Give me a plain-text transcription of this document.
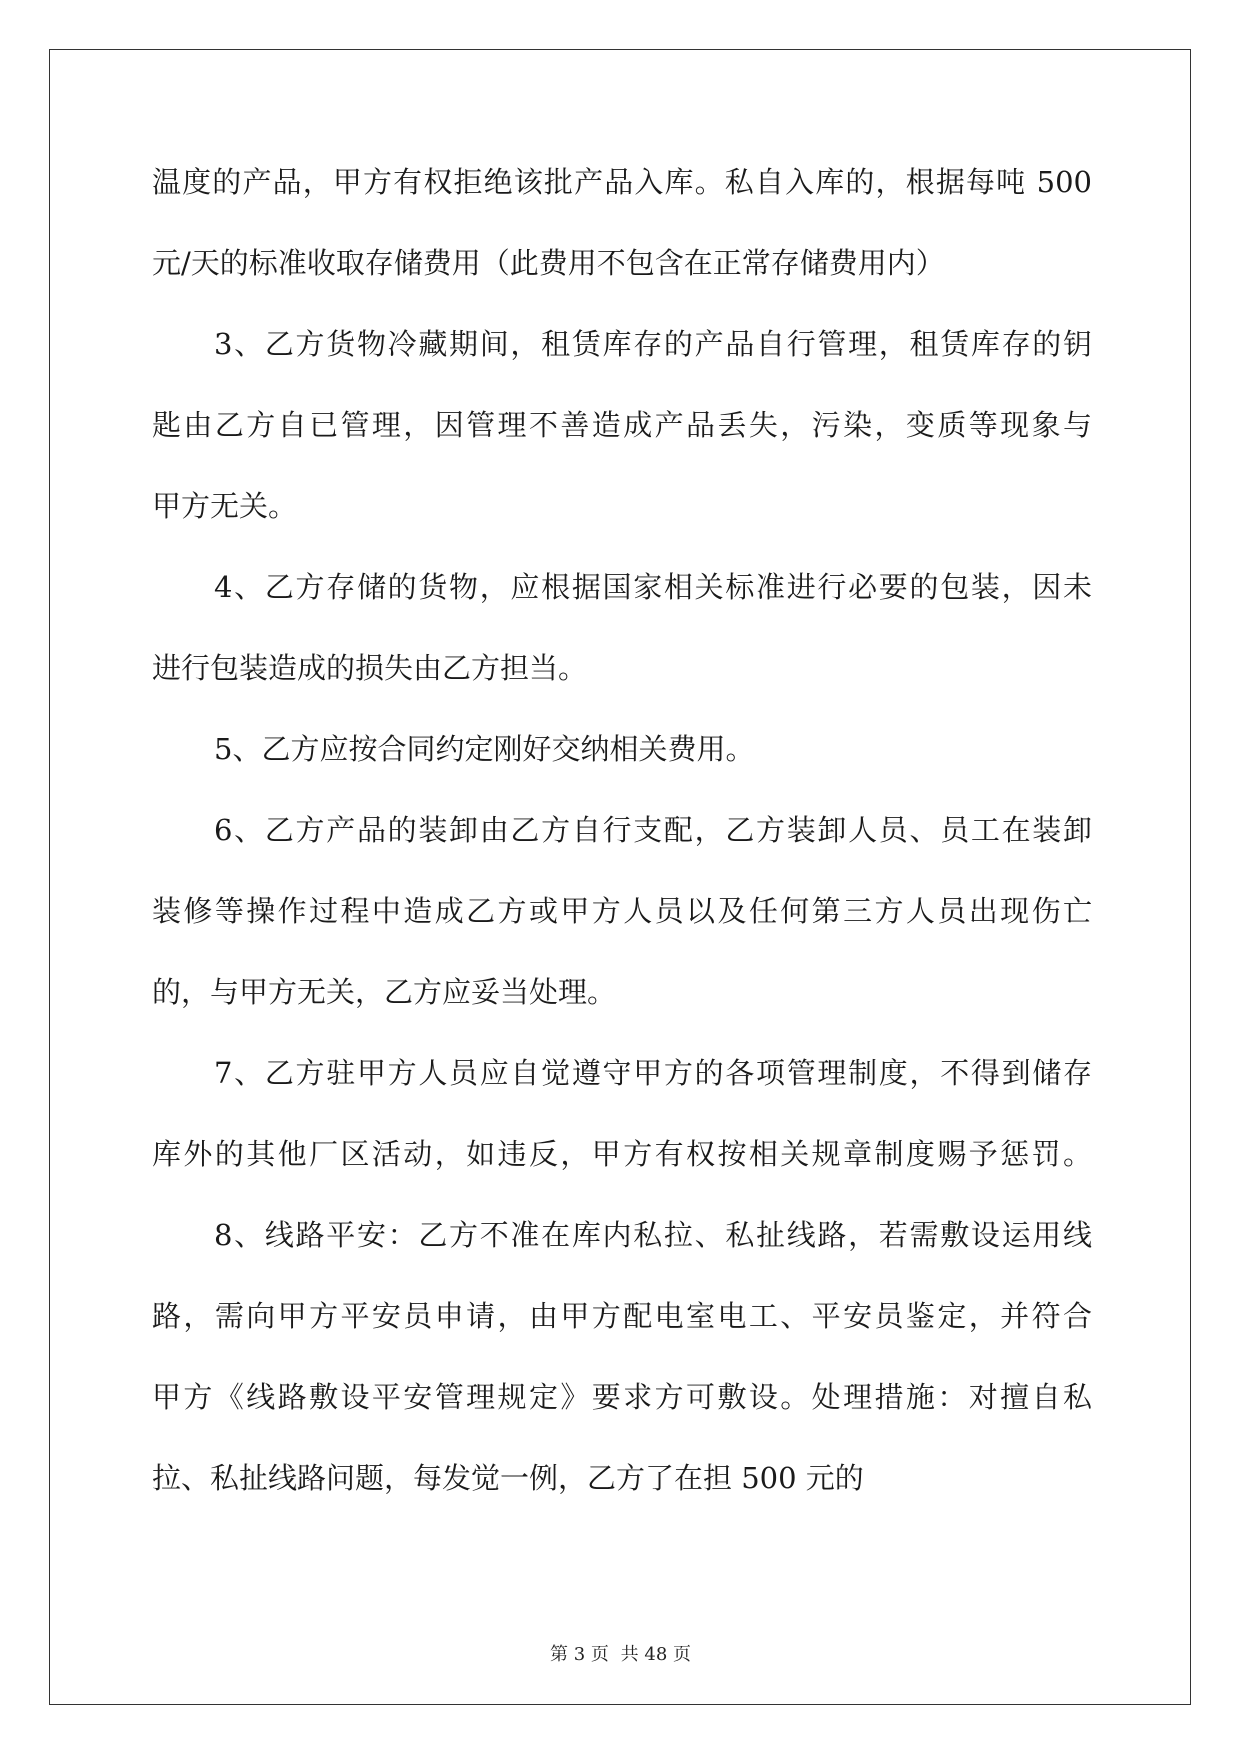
温度的产品，甲方有权拒绝该批产品入库。私自入库的，根据每吨 500
元/天的标准收取存储费用（此费用不包含在正常存储费用内）
3、乙方货物冷藏期间，租赁库存的产品自行管理，租赁库存的钥
匙由乙方自已管理，因管理不善造成产品丢失，污染，变质等现象与
甲方无关。
4、乙方存储的货物，应根据国家相关标准进行必要的包装，因未
进行包装造成的损失由乙方担当。
5、乙方应按合同约定刚好交纳相关费用。
6、乙方产品的装卸由乙方自行支配，乙方装卸人员、员工在装卸
装修等操作过程中造成乙方或甲方人员以及任何第三方人员出现伤亡
的，与甲方无关，乙方应妥当处理。
7、乙方驻甲方人员应自觉遵守甲方的各项管理制度，不得到储存
库外的其他厂区活动，如违反，甲方有权按相关规章制度赐予惩罚。
8、线路平安：乙方不准在库内私拉、私扯线路，若需敷设运用线
路，需向甲方平安员申请，由甲方配电室电工、平安员鉴定，并符合
甲方《线路敷设平安管理规定》要求方可敷设。处理措施：对擅自私
拉、私扯线路问题，每发觉一例，乙方了在担 500 元的
第 3 页 共 48 页
